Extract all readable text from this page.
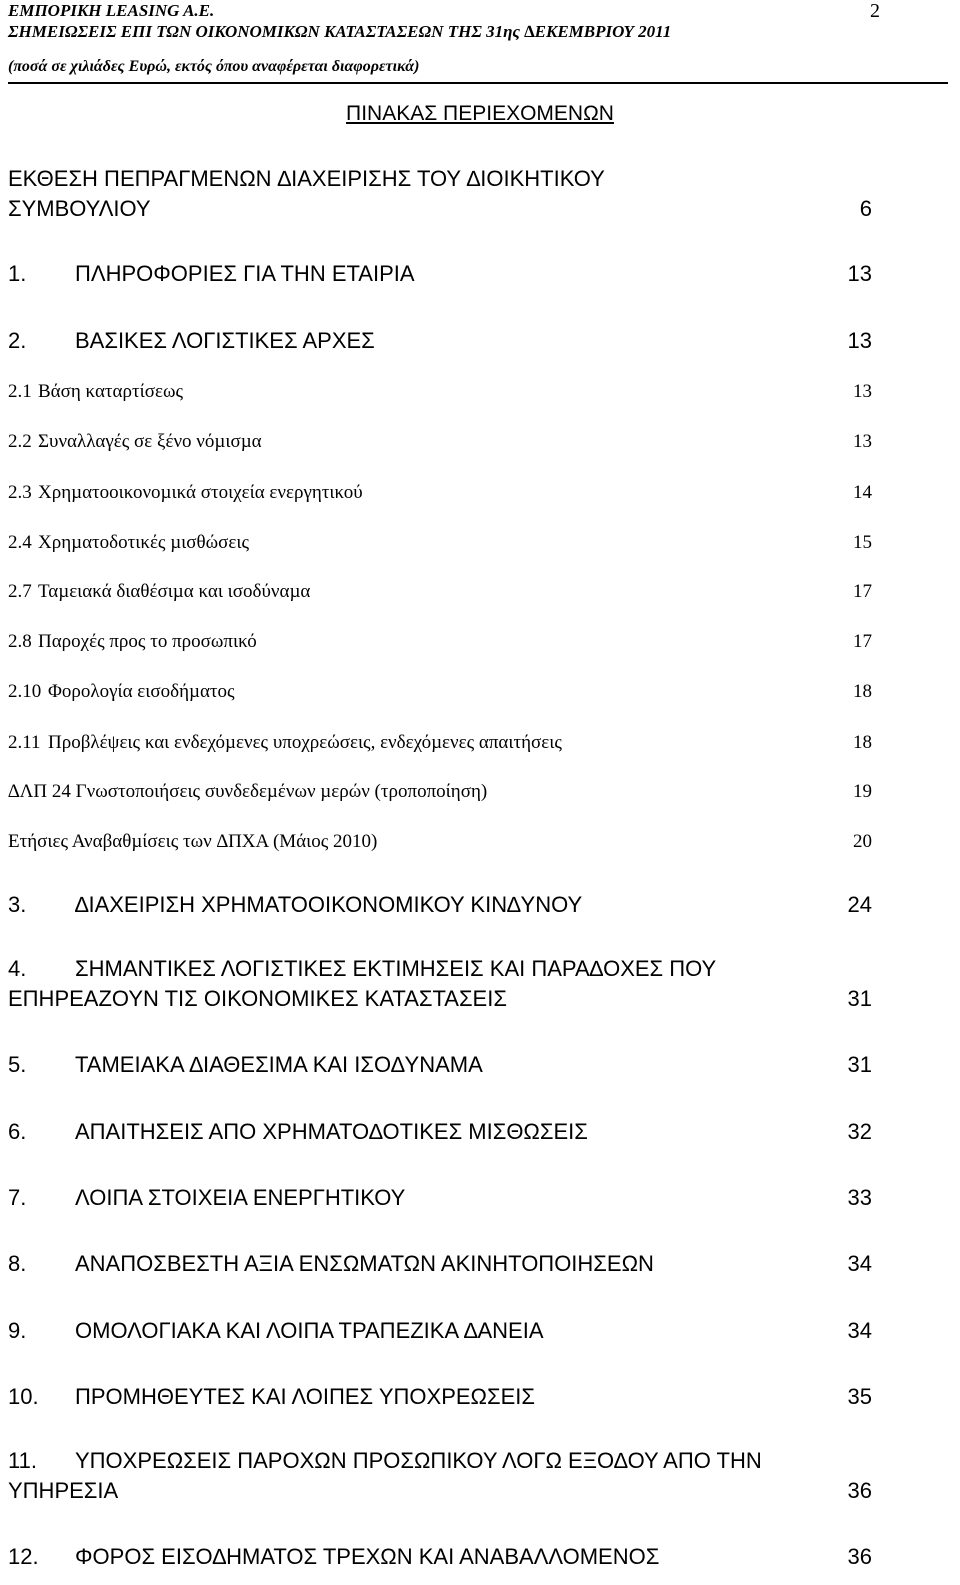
ΕΜΠΟΡΙΚΗ LEASING A.E.
ΣΗΜΕΙΩΣΕΙΣ ΕΠΙ ΤΩΝ ΟΙΚΟΝΟΜΙΚΩΝ ΚΑΤΑΣΤΑΣΕΩΝ ΤΗΣ 31ης ∆ΕΚΕΜΒΡΙΟΥ 2011
(ποσά σε χιλιάδες Ευρώ, εκτός όπου αναφέρεται διαφορετικά)
2
ΠΙΝΑΚΑΣ ΠΕΡΙΕΧΟΜΕΝΩΝ
ΕΚΘΕΣΗ ΠΕΠΡΑΓΜΕΝΩΝ ∆ΙΑΧΕΙΡΙΣΗΣ ΤΟΥ ∆ΙΟΙΚΗΤΙΚΟΥ
ΣΥΜΒΟΥΛΙΟΥ	6
1. ΠΛΗΡΟΦΟΡΙΕΣ ΓΙΑ ΤΗΝ ΕΤΑΙΡΙΑ	13
2. ΒΑΣΙΚΕΣ ΛΟΓΙΣΤΙΚΕΣ ΑΡΧΕΣ	13
2.1 Βάση καταρτίσεως	13
2.2 Συναλλαγές σε ξένο νόµισµα	13
2.3 Χρηµατοοικονοµικά στοιχεία ενεργητικού	14
2.4 Χρηµατοδοτικές µισθώσεις	15
2.7 Ταµειακά διαθέσιµα και ισοδύναµα	17
2.8 Παροχές προς το προσωπικό	17
2.10 Φορολογία εισοδήµατος	18
2.11 Προβλέψεις και ενδεχόµενες υποχρεώσεις, ενδεχόµενες απαιτήσεις	18
∆ΛΠ 24 Γνωστοποιήσεις συνδεδεµένων µερών (τροποποίηση)	19
Ετήσιες Αναβαθµίσεις των ∆ΠΧΑ (Μάιος 2010)	20
3. ∆ΙΑΧΕΙΡΙΣΗ ΧΡΗΜΑΤΟΟΙΚΟΝΟΜΙΚΟΥ ΚΙΝ∆ΥΝΟΥ	24
4. ΣΗΜΑΝΤΙΚΕΣ ΛΟΓΙΣΤΙΚΕΣ ΕΚΤΙΜΗΣΕΙΣ ΚΑΙ ΠΑΡΑ∆ΟΧΕΣ ΠΟΥ
ΕΠΗΡΕΑΖΟΥΝ ΤΙΣ ΟΙΚΟΝΟΜΙΚΕΣ ΚΑΤΑΣΤΑΣΕΙΣ	31
5. ΤΑΜΕΙΑΚΑ ∆ΙΑΘΕΣΙΜΑ ΚΑΙ ΙΣΟ∆ΥΝΑΜΑ	31
6. ΑΠΑΙΤΗΣΕΙΣ ΑΠΟ ΧΡΗΜΑΤΟ∆ΟΤΙΚΕΣ ΜΙΣΘΩΣΕΙΣ	32
7. ΛΟΙΠΑ ΣΤΟΙΧΕΙΑ ΕΝΕΡΓΗΤΙΚΟΥ	33
8. ΑΝΑΠΟΣΒΕΣΤΗ ΑΞΙΑ ΕΝΣΩΜΑΤΩΝ ΑΚΙΝΗΤΟΠΟΙΗΣΕΩΝ	34
9. ΟΜΟΛΟΓΙΑΚΑ ΚΑΙ ΛΟΙΠΑ ΤΡΑΠΕΖΙΚΑ ∆ΑΝΕΙΑ	34
10. ΠΡΟΜΗΘΕΥΤΕΣ ΚΑΙ ΛΟΙΠΕΣ ΥΠΟΧΡΕΩΣΕΙΣ	35
11. ΥΠΟΧΡΕΩΣΕΙΣ ΠΑΡΟΧΩΝ ΠΡΟΣΩΠΙΚΟΥ ΛΟΓΩ ΕΞΟ∆ΟΥ ΑΠΟ ΤΗΝ
ΥΠΗΡΕΣΙΑ	36
12. ΦΟΡΟΣ ΕΙΣΟ∆ΗΜΑΤΟΣ ΤΡΕΧΩΝ ΚΑΙ ΑΝΑΒΑΛΛΟΜΕΝΟΣ	36
